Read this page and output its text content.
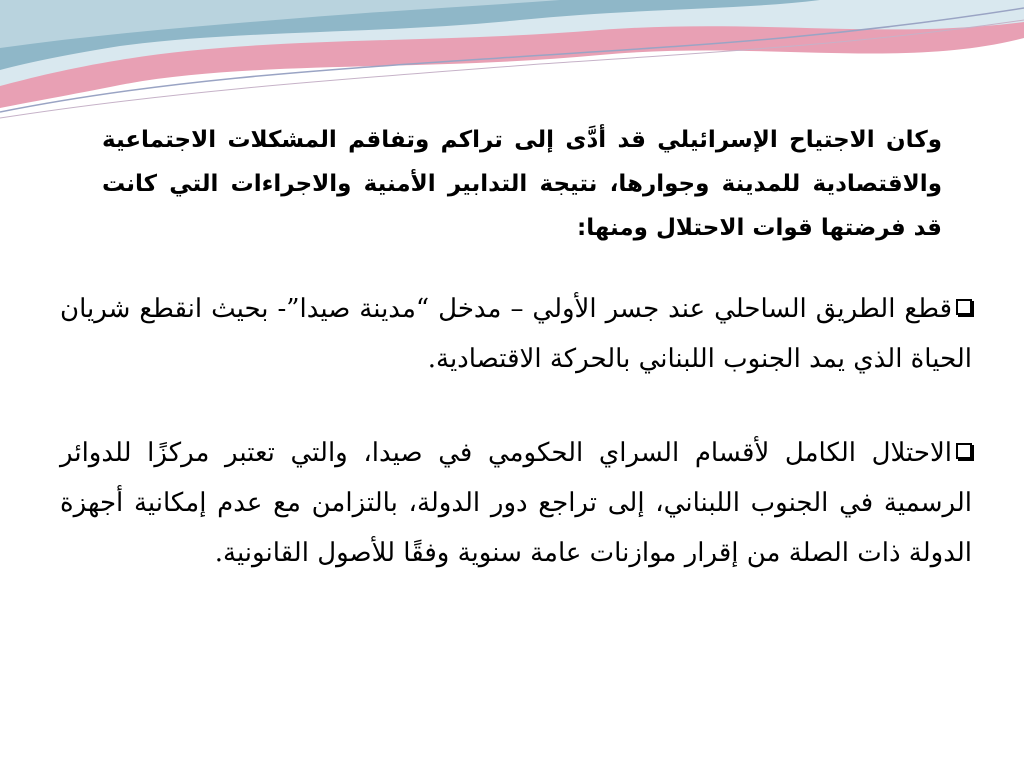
وكان الاجتياح الإسرائيلي قد أدَّى إلى تراكم وتفاقم المشكلات الاجتماعية والاقتصادية للمدينة وجوارها، نتيجة التدابير الأمنية والاجراءات التي كانت قد فرضتها قوات الاحتلال ومنها:

قطع الطريق الساحلي عند جسر الأولي – مدخل “مدينة صيدا”- بحيث انقطع شريان الحياة الذي يمد الجنوب اللبناني بالحركة الاقتصادية.
الاحتلال الكامل لأقسام السراي الحكومي في صيدا، والتي تعتبر مركزًا للدوائر الرسمية في الجنوب اللبناني، إلى تراجع دور الدولة، بالتزامن مع عدم إمكانية أجهزة الدولة ذات الصلة من إقرار موازنات عامة سنوية وفقًا للأصول القانونية.
